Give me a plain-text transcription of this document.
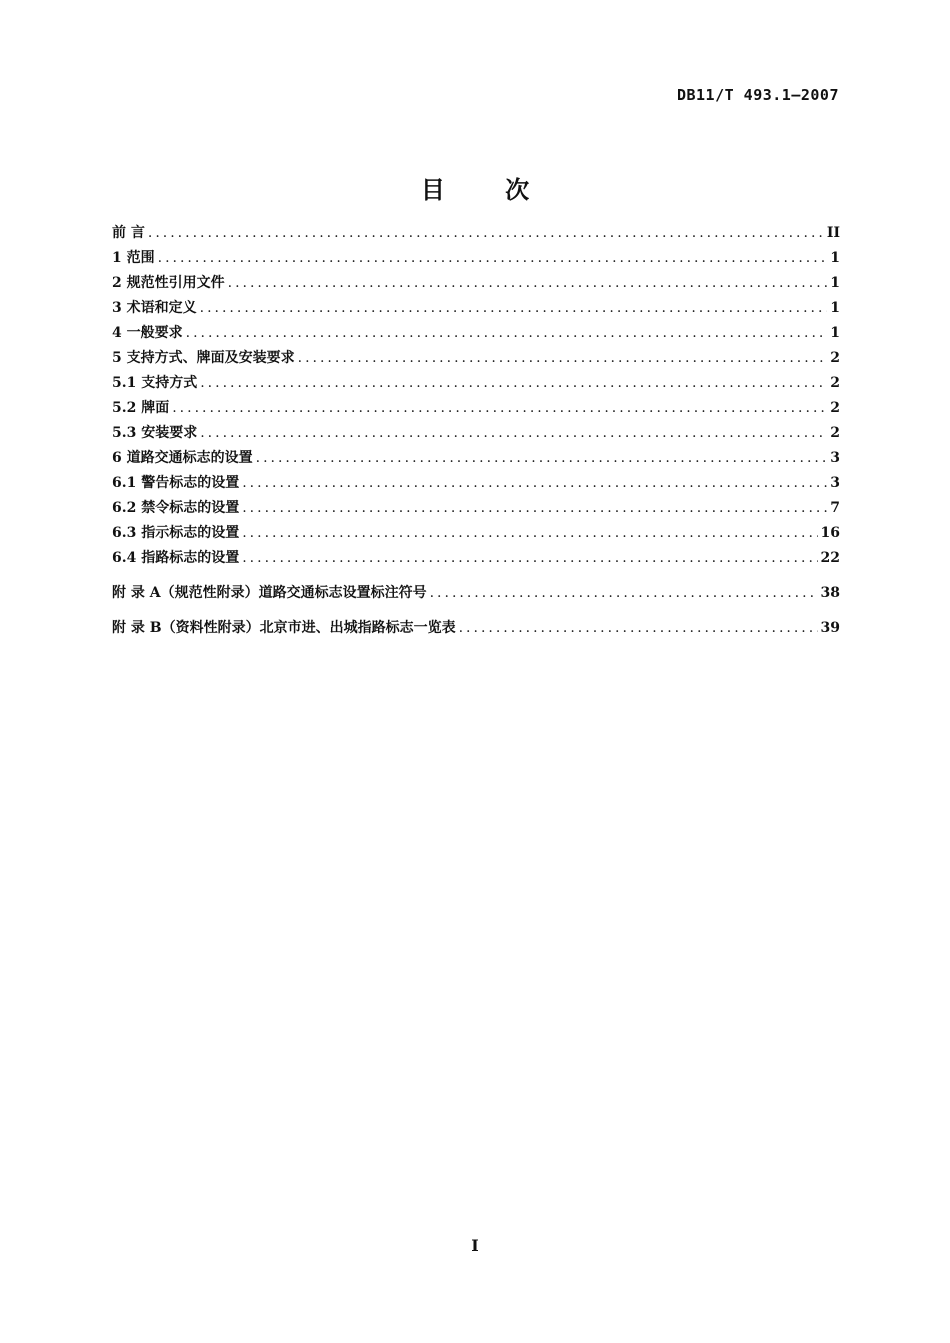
DB11/T 493.1—2007
目 次
前 言 .....	II
1 范围 .....	1
2 规范性引用文件 .....	1
3 术语和定义 .....	1
4 一般要求 .....	1
5 支持方式、牌面及安装要求 .....	2
5.1 支持方式 .....	2
5.2 牌面 .....	2
5.3 安装要求 .....	2
6 道路交通标志的设置 .....	3
6.1 警告标志的设置 .....	3
6.2 禁令标志的设置 .....	7
6.3 指示标志的设置 .....	16
6.4 指路标志的设置 .....	22
附 录 A（规范性附录）道路交通标志设置标注符号 .....	38
附 录 B（资料性附录）北京市进、出城指路标志一览表 .....	39
I
